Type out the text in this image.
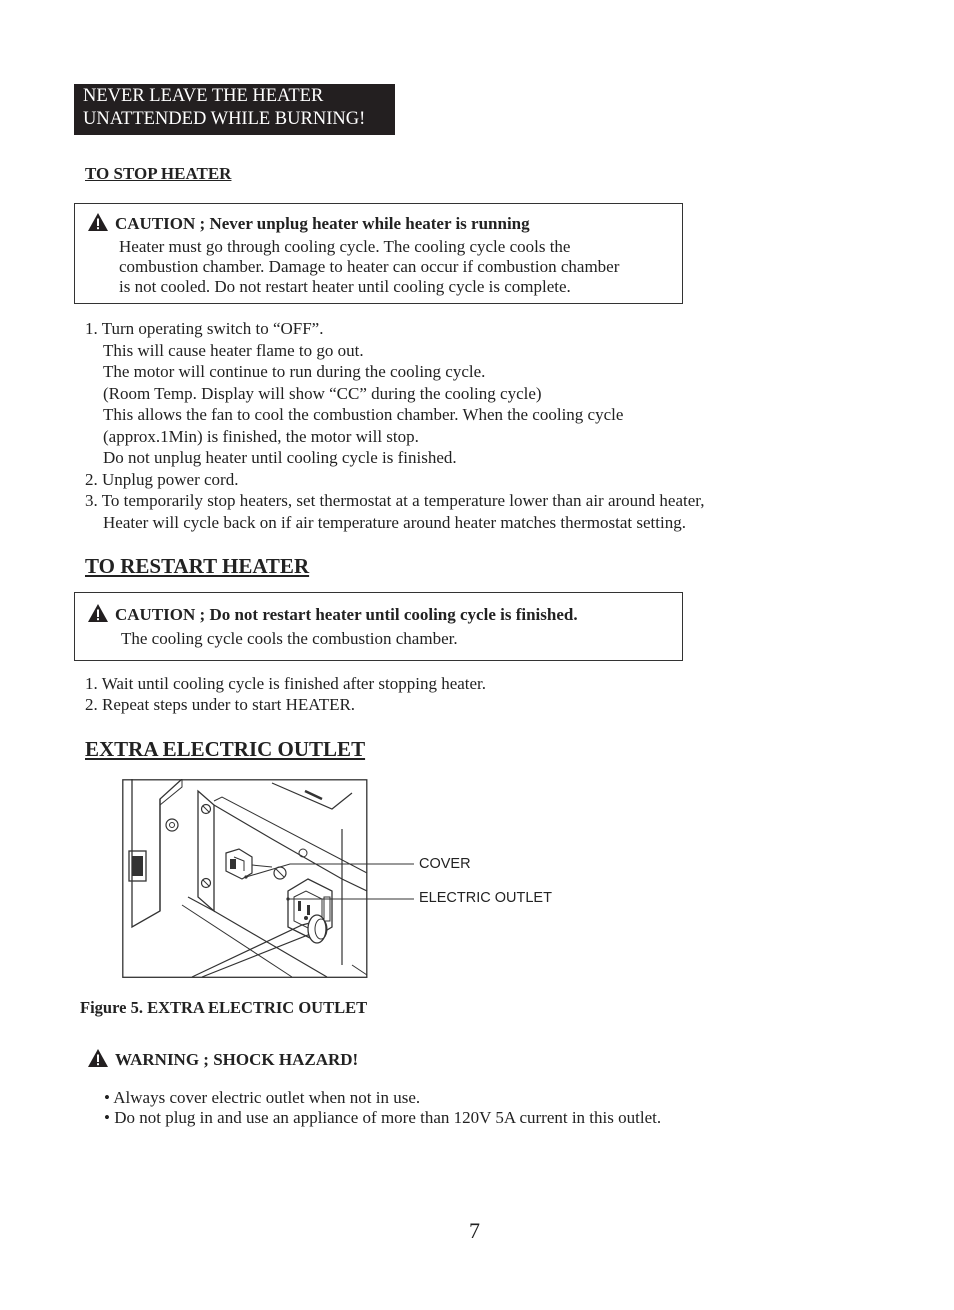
NEVER LEAVE THE HEATER
UNATTENDED WHILE BURNING!
TO STOP HEATER
CAUTION ; Never unplug heater while heater is running
Heater must go through cooling cycle. The cooling cycle cools the
combustion chamber. Damage to heater can occur if combustion chamber
is not cooled. Do not restart heater until cooling cycle is complete.
1. Turn operating switch to “OFF”.
This will cause heater flame to go out.
The motor will continue to run during the cooling cycle.
(Room Temp. Display will show “CC” during the cooling cycle)
This allows the fan to cool the combustion chamber. When the cooling cycle
(approx.1Min) is finished, the motor will stop.
Do not unplug heater until cooling cycle is finished.
2. Unplug power cord.
3. To temporarily stop heaters, set thermostat at a temperature lower than air around heater,
Heater will cycle back on if air temperature around heater matches thermostat setting.
TO RESTART HEATER
CAUTION ; Do not restart heater until cooling cycle is finished.
The cooling cycle cools the combustion chamber.
1. Wait until cooling cycle is finished after stopping heater.
2. Repeat steps under to start HEATER.
EXTRA ELECTRIC OUTLET
COVER
ELECTRIC OUTLET
Figure 5. EXTRA ELECTRIC OUTLET
WARNING ; SHOCK HAZARD!
• Always cover electric outlet when not in use.
• Do not plug in and use an appliance of more than 120V 5A current in this outlet.
7
